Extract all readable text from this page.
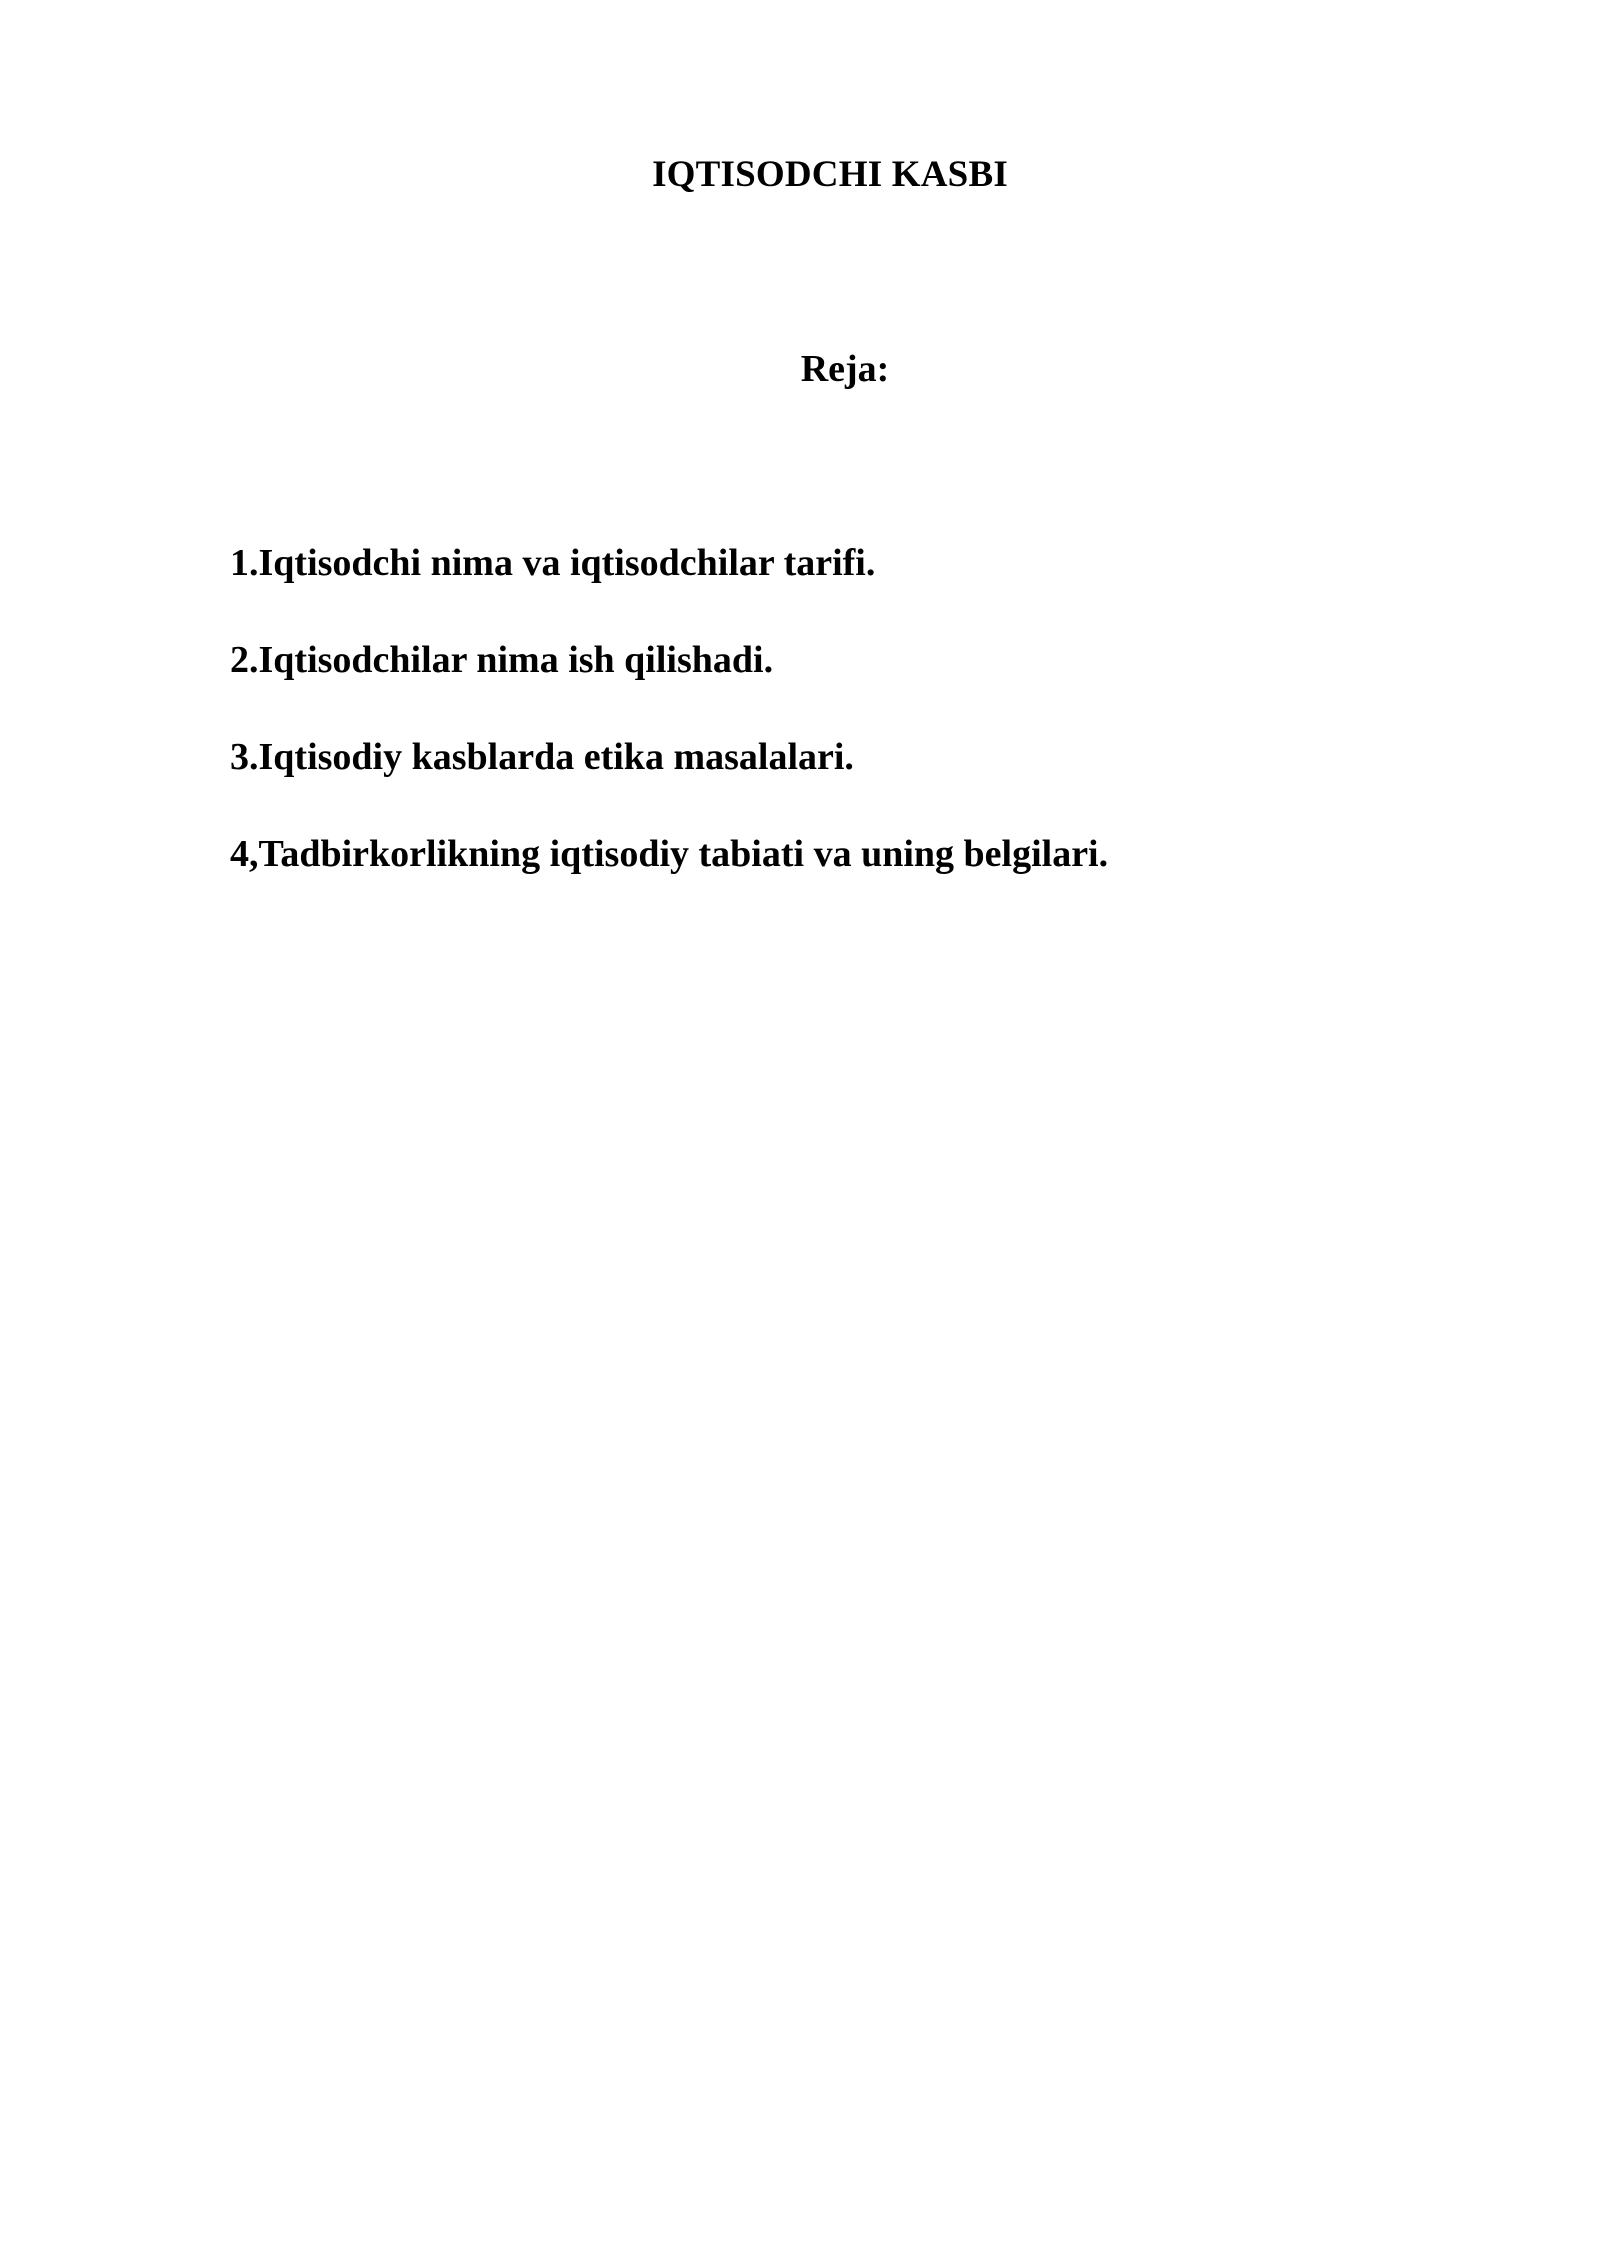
IQTISODCHI KASBI
Reja:
1.Iqtisodchi nima va iqtisodchilar tarifi.
2.Iqtisodchilar nima ish qilishadi.
3.Iqtisodiy kasblarda etika masalalari.
4,Tadbirkorlikning iqtisodiy tabiati va uning belgilari.
